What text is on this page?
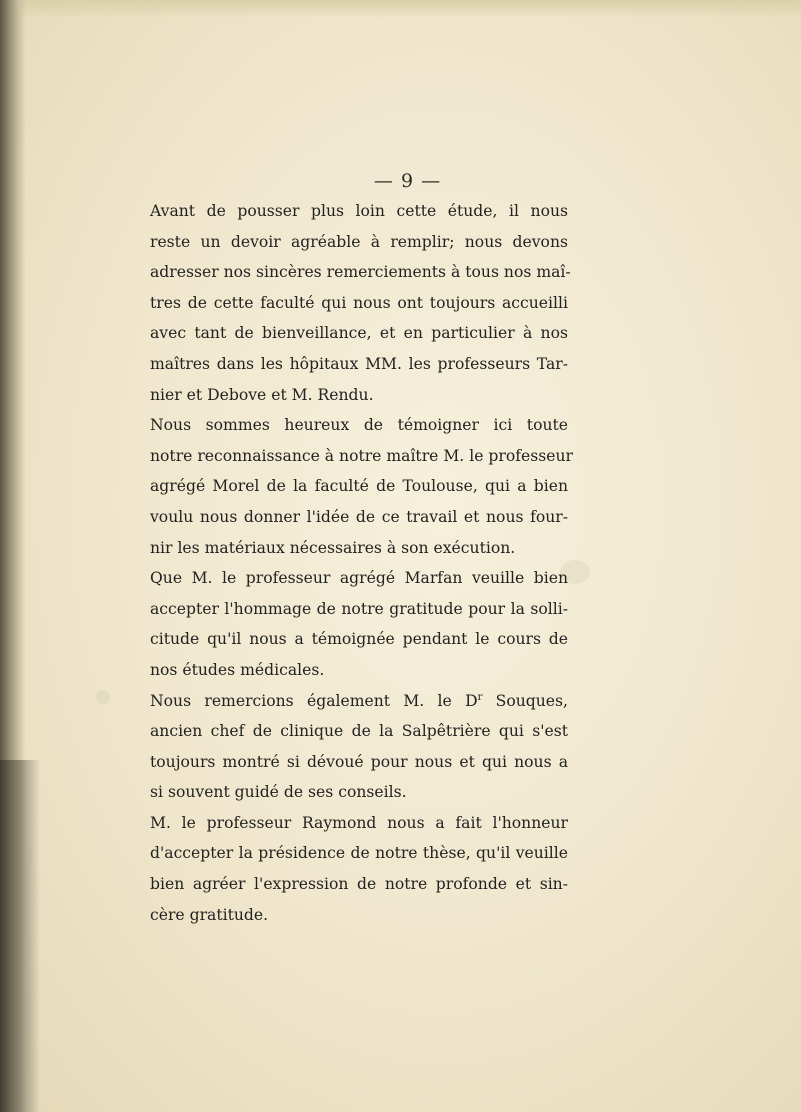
— 9 —
Avant de pousser plus loin cette étude, il nous
reste un devoir agréable à remplir; nous devons
adresser nos sincères remerciements à tous nos maî-
tres de cette faculté qui nous ont toujours accueilli
avec tant de bienveillance, et en particulier à nos
maîtres dans les hôpitaux MM. les professeurs Tar-
nier et Debove et M. Rendu.
Nous sommes heureux de témoigner ici toute
notre reconnaissance à notre maître M. le professeur
agrégé Morel de la faculté de Toulouse, qui a bien
voulu nous donner l'idée de ce travail et nous four-
nir les matériaux nécessaires à son exécution.
Que M. le professeur agrégé Marfan veuille bien
accepter l'hommage de notre gratitude pour la solli-
citude qu'il nous a témoignée pendant le cours de
nos études médicales.
Nous remercions également M. le $D^r$ Souques,
ancien chef de clinique de la Salpêtrière qui s'est
toujours montré si dévoué pour nous et qui nous a
si souvent guidé de ses conseils.
M. le professeur Raymond nous a fait l'honneur
d'accepter la présidence de notre thèse, qu'il veuille
bien agréer l'expression de notre profonde et sin-
cère gratitude.
